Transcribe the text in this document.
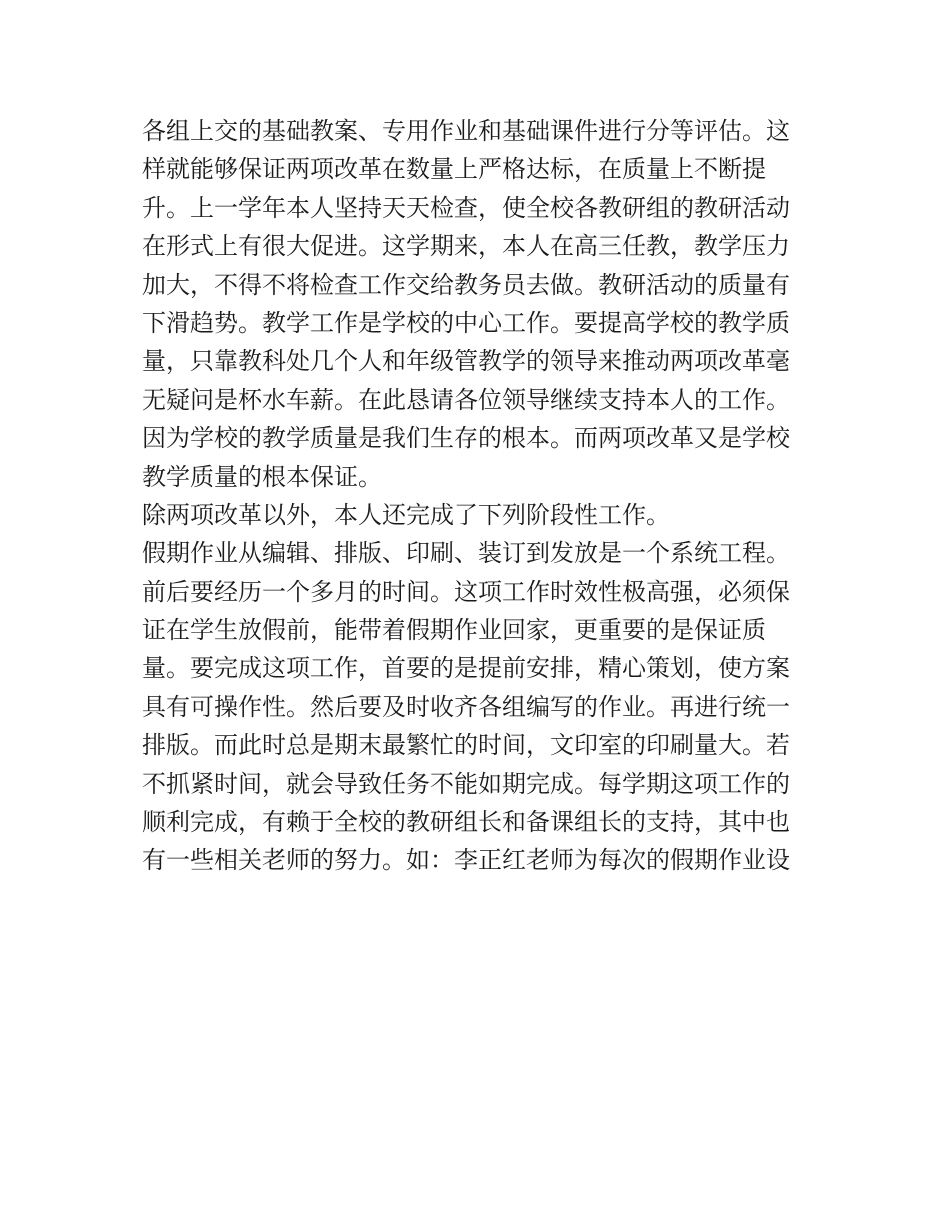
各组上交的基础教案、专用作业和基础课件进行分等评估。这
样就能够保证两项改革在数量上严格达标，在质量上不断提
升。上一学年本人坚持天天检查，使全校各教研组的教研活动
在形式上有很大促进。这学期来，本人在高三任教，教学压力
加大，不得不将检查工作交给教务员去做。教研活动的质量有
下滑趋势。教学工作是学校的中心工作。要提高学校的教学质
量，只靠教科处几个人和年级管教学的领导来推动两项改革毫
无疑问是杯水车薪。在此恳请各位领导继续支持本人的工作。
因为学校的教学质量是我们生存的根本。而两项改革又是学校
教学质量的根本保证。
除两项改革以外，本人还完成了下列阶段性工作。
假期作业从编辑、排版、印刷、装订到发放是一个系统工程。
前后要经历一个多月的时间。这项工作时效性极高强，必须保
证在学生放假前，能带着假期作业回家，更重要的是保证质
量。要完成这项工作，首要的是提前安排，精心策划，使方案
具有可操作性。然后要及时收齐各组编写的作业。再进行统一
排版。而此时总是期末最繁忙的时间，文印室的印刷量大。若
不抓紧时间，就会导致任务不能如期完成。每学期这项工作的
顺利完成，有赖于全校的教研组长和备课组长的支持，其中也
有一些相关老师的努力。如：李正红老师为每次的假期作业设
